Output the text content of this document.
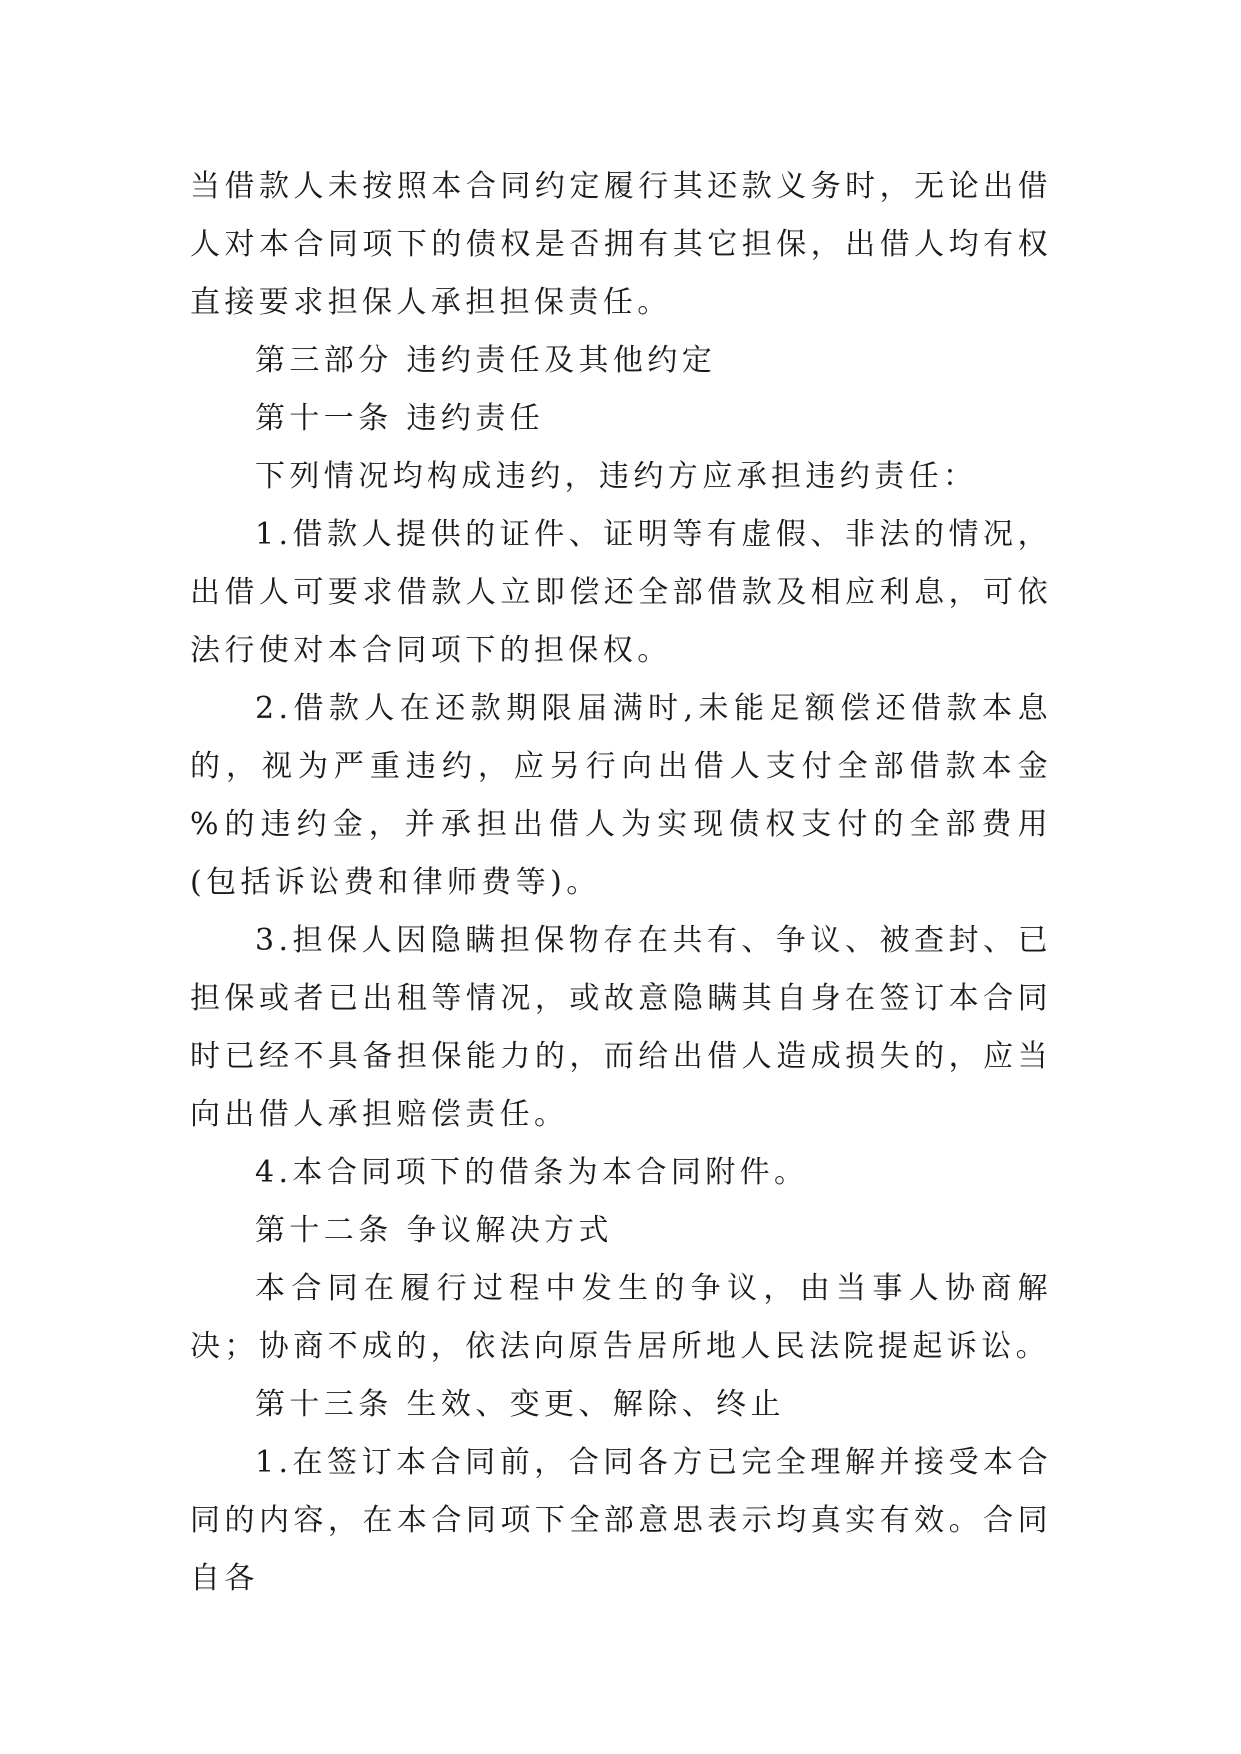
当借款人未按照本合同约定履行其还款义务时，无论出借人对本合同项下的债权是否拥有其它担保，出借人均有权直接要求担保人承担担保责任。

第三部分 违约责任及其他约定

第十一条 违约责任

下列情况均构成违约，违约方应承担违约责任：

1.借款人提供的证件、证明等有虚假、非法的情况，出借人可要求借款人立即偿还全部借款及相应利息，可依法行使对本合同项下的担保权。

2.借款人在还款期限届满时,未能足额偿还借款本息的，视为严重违约，应另行向出借人支付全部借款本金 %的违约金，并承担出借人为实现债权支付的全部费用(包括诉讼费和律师费等)。

3.担保人因隐瞒担保物存在共有、争议、被查封、已担保或者已出租等情况，或故意隐瞒其自身在签订本合同时已经不具备担保能力的，而给出借人造成损失的，应当向出借人承担赔偿责任。

4.本合同项下的借条为本合同附件。

第十二条 争议解决方式

本合同在履行过程中发生的争议，由当事人协商解决；协商不成的，依法向原告居所地人民法院提起诉讼。

第十三条 生效、变更、解除、终止

1.在签订本合同前，合同各方已完全理解并接受本合同的内容，在本合同项下全部意思表示均真实有效。合同自各
